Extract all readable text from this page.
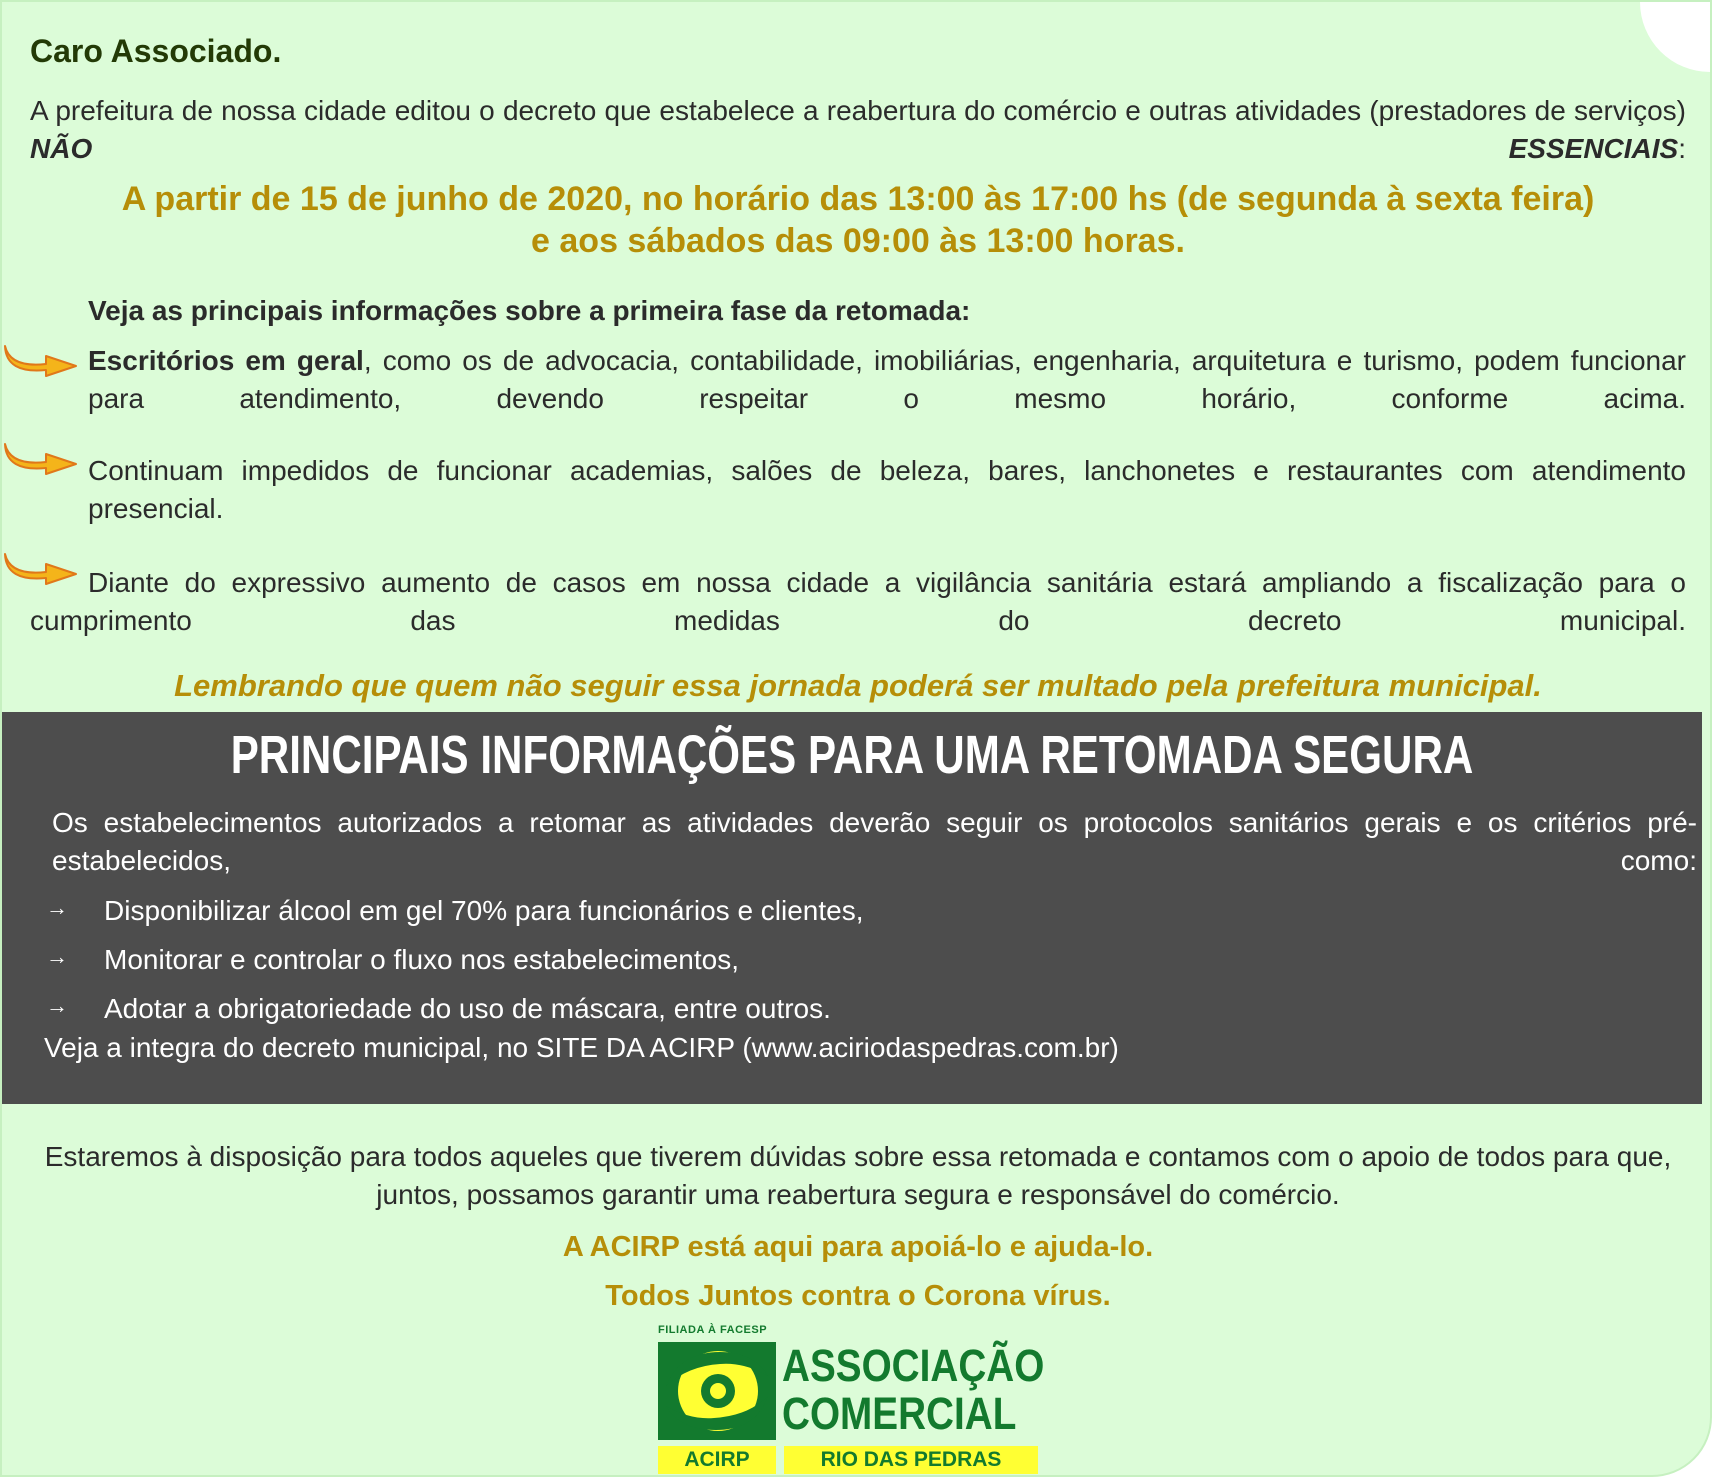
Caro Associado.

A prefeitura de nossa cidade editou o decreto que estabelece a reabertura do comércio e outras atividades (prestadores de serviços) NÃO ESSENCIAIS:

A partir de 15 de junho de 2020, no horário das 13:00 às 17:00 hs (de segunda à sexta feira)
e aos sábados das 09:00 às 13:00 horas.

Veja as principais informações sobre a primeira fase da retomada:

Escritórios em geral, como os de advocacia, contabilidade, imobiliárias, engenharia, arquitetura e turismo, podem funcionar para atendimento, devendo respeitar o mesmo horário, conforme acima.

Continuam impedidos de funcionar academias, salões de beleza, bares, lanchonetes e restaurantes com atendimento presencial.

Diante do expressivo aumento de casos em nossa cidade a vigilância sanitária estará ampliando a fiscalização para o cumprimento das medidas do decreto municipal.

Lembrando que quem não seguir essa jornada poderá ser multado pela prefeitura municipal.

PRINCIPAIS INFORMAÇÕES PARA UMA RETOMADA SEGURA

Os estabelecimentos autorizados a retomar as atividades deverão seguir os protocolos sanitários gerais e os critérios pré-estabelecidos, como:

→ Disponibilizar álcool em gel 70% para funcionários e clientes,

→ Monitorar e controlar o fluxo nos estabelecimentos,

→ Adotar a obrigatoriedade do uso de máscara, entre outros.

Veja a integra do decreto municipal, no SITE DA ACIRP (www.aciriodaspedras.com.br)

Estaremos à disposição para todos aqueles que tiverem dúvidas sobre essa retomada e contamos com o apoio de todos para que, juntos, possamos garantir uma reabertura segura e responsável do comércio.

A ACIRP está aqui para apoiá-lo e ajuda-lo.

Todos Juntos contra o Corona vírus.

FILIADA À FACESP
ASSOCIAÇÃO
COMERCIAL
ACIRP	RIO DAS PEDRAS
